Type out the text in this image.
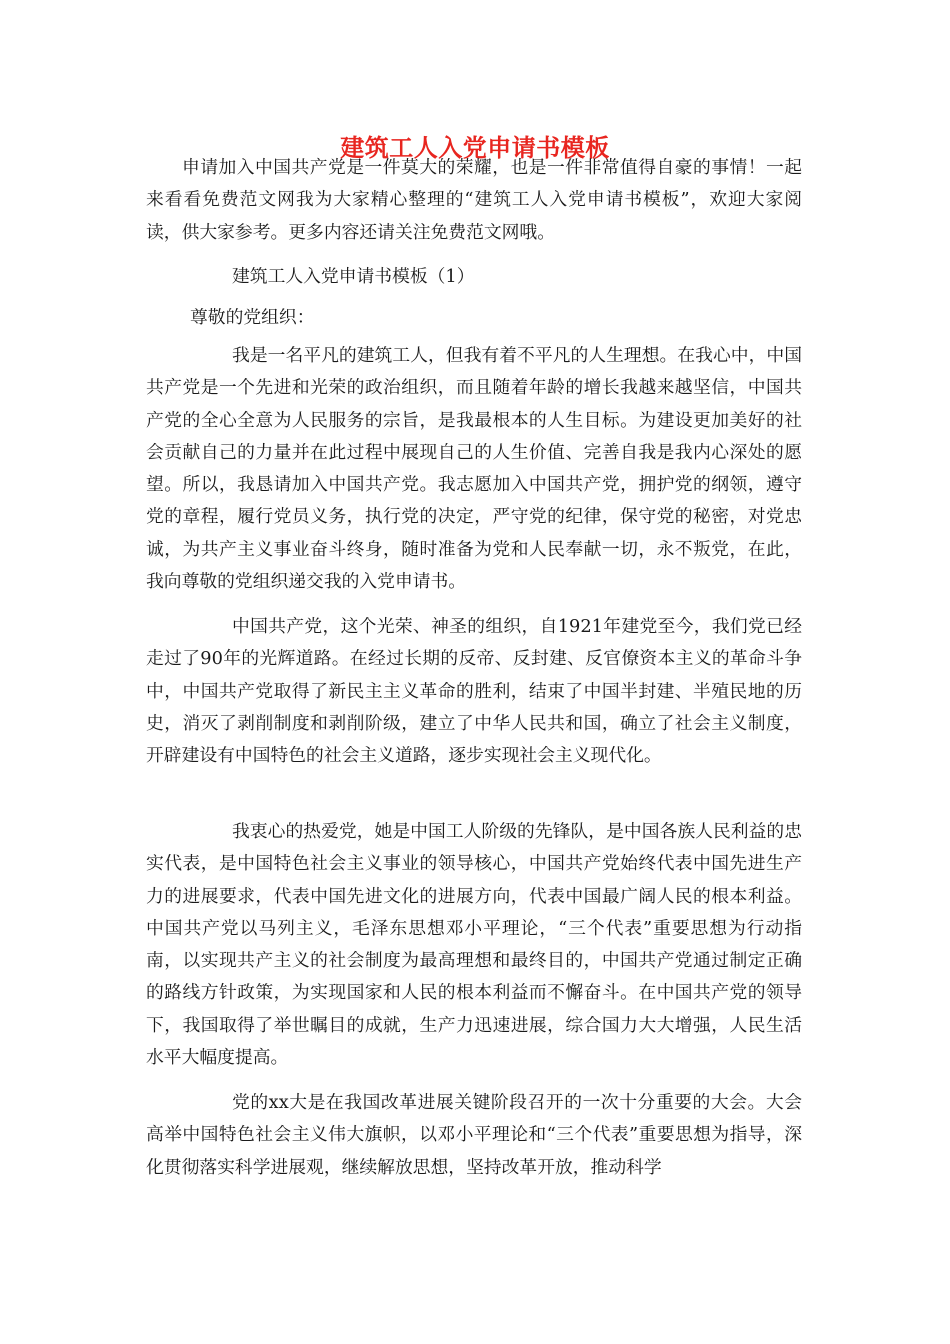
建筑工人入党申请书模板

申请加入中国共产党是一件莫大的荣耀，也是一件非常值得自豪的事情！一起来看看免费范文网我为大家精心整理的“建筑工人入党申请书模板”，欢迎大家阅读，供大家参考。更多内容还请关注免费范文网哦。

建筑工人入党申请书模板（1）

尊敬的党组织：

我是一名平凡的建筑工人，但我有着不平凡的人生理想。在我心中，中国共产党是一个先进和光荣的政治组织，而且随着年龄的增长我越来越坚信，中国共产党的全心全意为人民服务的宗旨，是我最根本的人生目标。为建设更加美好的社会贡献自己的力量并在此过程中展现自己的人生价值、完善自我是我内心深处的愿望。所以，我恳请加入中国共产党。我志愿加入中国共产党，拥护党的纲领，遵守党的章程，履行党员义务，执行党的决定，严守党的纪律，保守党的秘密，对党忠诚，为共产主义事业奋斗终身，随时准备为党和人民奉献一切，永不叛党，在此，我向尊敬的党组织递交我的入党申请书。

中国共产党，这个光荣、神圣的组织，自1921年建党至今，我们党已经走过了90年的光辉道路。在经过长期的反帝、反封建、反官僚资本主义的革命斗争中，中国共产党取得了新民主主义革命的胜利，结束了中国半封建、半殖民地的历史，消灭了剥削制度和剥削阶级，建立了中华人民共和国，确立了社会主义制度，开辟建设有中国特色的社会主义道路，逐步实现社会主义现代化。

我衷心的热爱党，她是中国工人阶级的先锋队，是中国各族人民利益的忠实代表，是中国特色社会主义事业的领导核心，中国共产党始终代表中国先进生产力的进展要求，代表中国先进文化的进展方向，代表中国最广阔人民的根本利益。中国共产党以马列主义，毛泽东思想邓小平理论，“三个代表”重要思想为行动指南，以实现共产主义的社会制度为最高理想和最终目的，中国共产党通过制定正确的路线方针政策，为实现国家和人民的根本利益而不懈奋斗。在中国共产党的领导下，我国取得了举世瞩目的成就，生产力迅速进展，综合国力大大增强，人民生活水平大幅度提高。

党的xx大是在我国改革进展关键阶段召开的一次十分重要的大会。大会高举中国特色社会主义伟大旗帜，以邓小平理论和“三个代表”重要思想为指导，深化贯彻落实科学进展观，继续解放思想，坚持改革开放，推动科学
